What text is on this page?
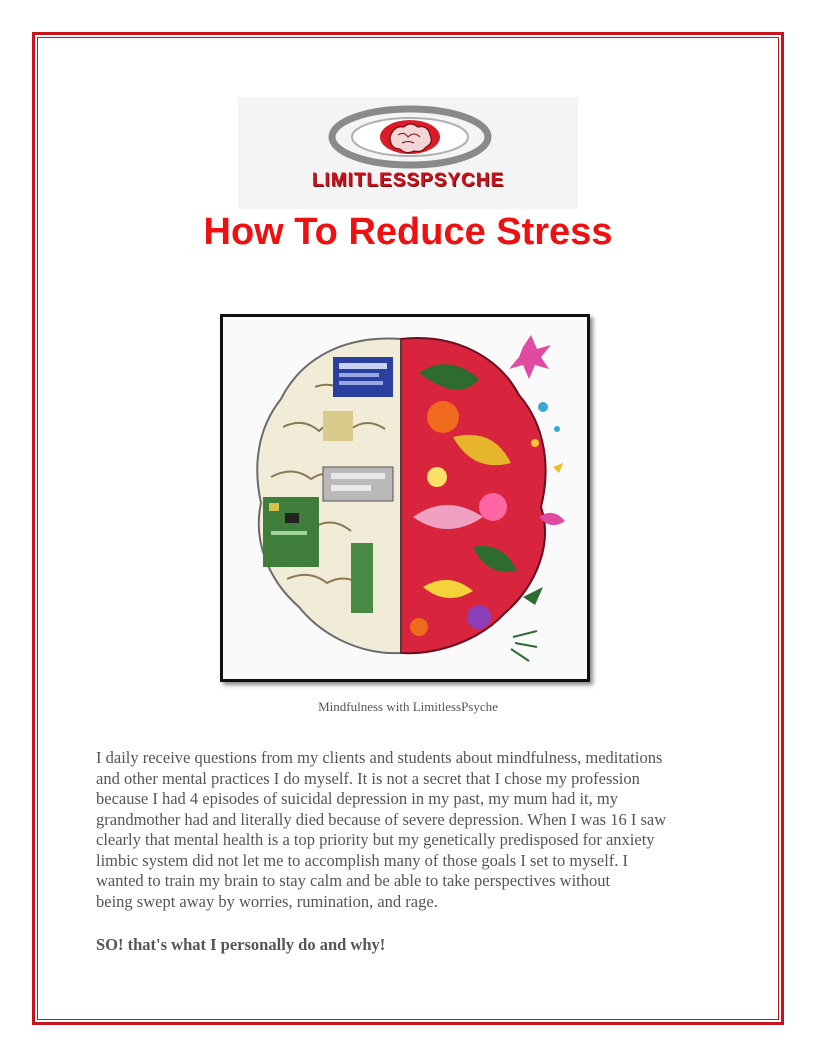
LIMITLESSPSYCHE
How To Reduce Stress
Mindfulness with LimitlessPsyche
I daily receive questions from my clients and students about mindfulness, meditations
and other mental practices I do myself. It is not a secret that I chose my profession
because I had 4 episodes of suicidal depression in my past, my mum had it, my
grandmother had and literally died because of severe depression. When I was 16 I saw
clearly that mental health is a top priority but my genetically predisposed for anxiety
limbic system did not let me to accomplish many of those goals I set to myself. I
wanted to train my brain to stay calm and be able to take perspectives without
being swept away by worries, rumination, and rage.

SO! that's what I personally do and why!
